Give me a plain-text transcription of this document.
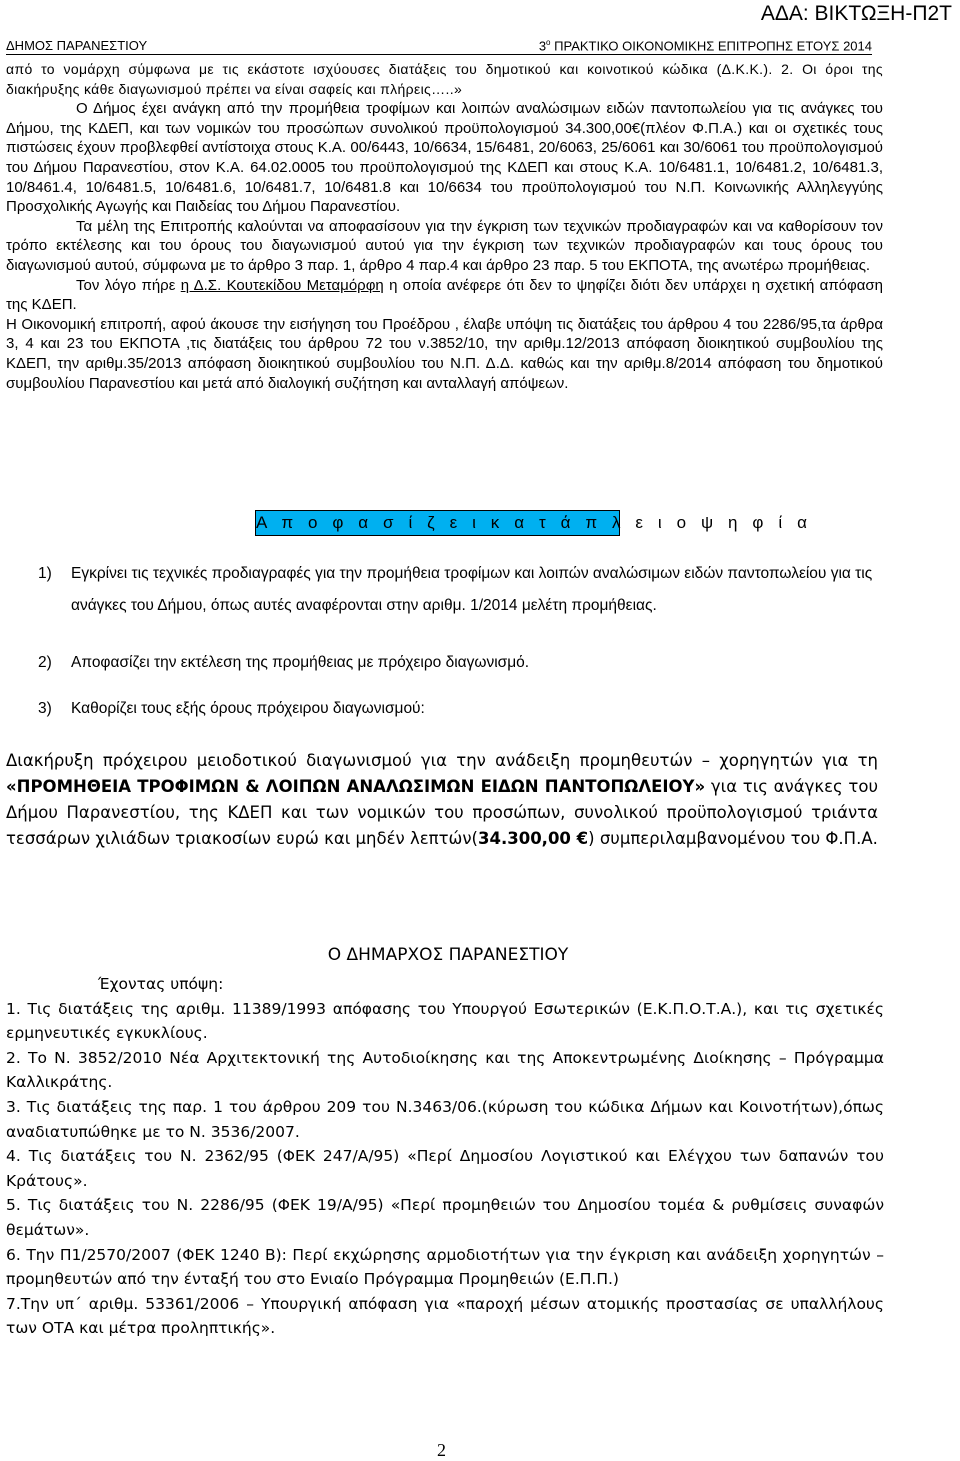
ΑΔΑ: ΒΙΚΤΩΞΗ-Π2Τ
ΔΗΜΟΣ ΠΑΡΑΝΕΣΤΙΟΥ	$3^o$ ΠΡΑΚΤΙΚΟ ΟΙΚΟΝΟΜΙΚΗΣ ΕΠΙΤΡΟΠΗΣ ΕΤΟΥΣ 2014

από το νομάρχη σύμφωνα με τις εκάστοτε ισχύουσες διατάξεις του δημοτικού και κοινοτικού κώδικα (Δ.Κ.Κ.). 2. Οι όροι της διακήρυξης κάθε διαγωνισμού πρέπει να είναι σαφείς και πλήρεις…..»

Ο Δήμος έχει ανάγκη από την προμήθεια τροφίμων και λοιπών αναλώσιμων ειδών παντοπωλείου για τις ανάγκες του Δήμου, της ΚΔΕΠ, και των νομικών του προσώπων συνολικού προϋπολογισμού 34.300,00€(πλέον Φ.Π.Α.) και οι σχετικές τους πιστώσεις έχουν προβλεφθεί αντίστοιχα στους Κ.Α. 00/6443, 10/6634, 15/6481, 20/6063, 25/6061 και 30/6061 του προϋπολογισμού του Δήμου Παρανεστίου, στον Κ.Α. 64.02.0005 του προϋπολογισμού της ΚΔΕΠ και στους Κ.Α. 10/6481.1, 10/6481.2, 10/6481.3, 10/8461.4, 10/6481.5, 10/6481.6, 10/6481.7, 10/6481.8 και 10/6634 του προϋπολογισμού του Ν.Π. Κοινωνικής Αλληλεγγύης Προσχολικής Αγωγής και Παιδείας του Δήμου Παρανεστίου.

Τα μέλη της Επιτροπής καλούνται να αποφασίσουν για την έγκριση των τεχνικών προδιαγραφών και να καθορίσουν τον τρόπο εκτέλεσης και του όρους του διαγωνισμού αυτού για την έγκριση των τεχνικών προδιαγραφών και τους όρους του διαγωνισμού αυτού, σύμφωνα με το άρθρο 3 παρ. 1, άρθρο 4 παρ.4 και άρθρο 23 παρ. 5 του ΕΚΠΟΤΑ, της ανωτέρω προμήθειας.

Τον λόγο πήρε η Δ.Σ. Κουτεκίδου Μεταμόρφη η οποία ανέφερε ότι δεν το ψηφίζει διότι δεν υπάρχει η σχετική απόφαση της ΚΔΕΠ.

Η Οικονομική επιτροπή, αφού άκουσε την εισήγηση του Προέδρου , έλαβε υπόψη τις διατάξεις του άρθρου 4 του 2286/95,τα άρθρα 3, 4 και 23 του ΕΚΠΟΤΑ ,τις διατάξεις του άρθρου 72 του ν.3852/10, την αριθμ.12/2013 απόφαση διοικητικού συμβουλίου της ΚΔΕΠ, την αριθμ.35/2013 απόφαση διοικητικού συμβουλίου του Ν.Π. Δ.Δ. καθώς και την αριθμ.8/2014 απόφαση του δημοτικού συμβουλίου Παρανεστίου και μετά από διαλογική συζήτηση και ανταλλαγή απόψεων.

Α π ο φ α σ ί ζ ε ι κ α τ ά π λ ε ι ο ψ η φ ί α
1) Εγκρίνει τις τεχνικές προδιαγραφές για την προμήθεια τροφίμων και λοιπών αναλώσιμων ειδών παντοπωλείου για τις ανάγκες του Δήμου, όπως αυτές αναφέρονται στην αριθμ. 1/2014 μελέτη προμήθειας.
2) Αποφασίζει την εκτέλεση της προμήθειας με πρόχειρο διαγωνισμό.
3) Καθορίζει τους εξής όρους πρόχειρου διαγωνισμού:

Διακήρυξη πρόχειρου μειοδοτικού διαγωνισμού για την ανάδειξη προμηθευτών – χορηγητών για τη «ΠΡΟΜΗΘΕΙΑ ΤΡΟΦΙΜΩΝ & ΛΟΙΠΩΝ ΑΝΑΛΩΣΙΜΩΝ ΕΙΔΩΝ ΠΑΝΤΟΠΩΛΕΙΟΥ» για τις ανάγκες του Δήμου Παρανεστίου, της ΚΔΕΠ και των νομικών του προσώπων, συνολικού προϋπολογισμού τριάντα τεσσάρων χιλιάδων τριακοσίων ευρώ και μηδέν λεπτών(34.300,00 €) συμπεριλαμβανομένου του Φ.Π.Α.

Ο ΔΗΜΑΡΧΟΣ ΠΑΡΑΝΕΣΤΙΟΥ

Έχοντας υπόψη:

1. Τις διατάξεις της αριθμ. 11389/1993 απόφασης του Υπουργού Εσωτερικών (Ε.Κ.Π.Ο.Τ.Α.), και τις σχετικές ερμηνευτικές εγκυκλίους.

2. Το Ν. 3852/2010 Νέα Αρχιτεκτονική της Αυτοδιοίκησης και της Αποκεντρωμένης Διοίκησης – Πρόγραμμα Καλλικράτης.

3. Τις διατάξεις της παρ. 1 του άρθρου 209 του Ν.3463/06.(κύρωση του κώδικα Δήμων και Κοινοτήτων),όπως αναδιατυπώθηκε με το Ν. 3536/2007.

4. Τις διατάξεις του Ν. 2362/95 (ΦΕΚ 247/Α/95) «Περί Δημοσίου Λογιστικού και Ελέγχου των δαπανών του Κράτους».

5. Τις διατάξεις του Ν. 2286/95 (ΦΕΚ 19/Α/95) «Περί προμηθειών του Δημοσίου τομέα & ρυθμίσεις συναφών θεμάτων».

6. Την Π1/2570/2007 (ΦΕΚ 1240 Β): Περί εκχώρησης αρμοδιοτήτων για την έγκριση και ανάδειξη χορηγητών –προμηθευτών από την ένταξή του στο Ενιαίο Πρόγραμμα Προμηθειών (Ε.Π.Π.)

7.Την υπ΄ αριθμ. 53361/2006 – Υπουργική απόφαση για «παροχή μέσων ατομικής προστασίας σε υπαλλήλους των ΟΤΑ και μέτρα προληπτικής».

2
